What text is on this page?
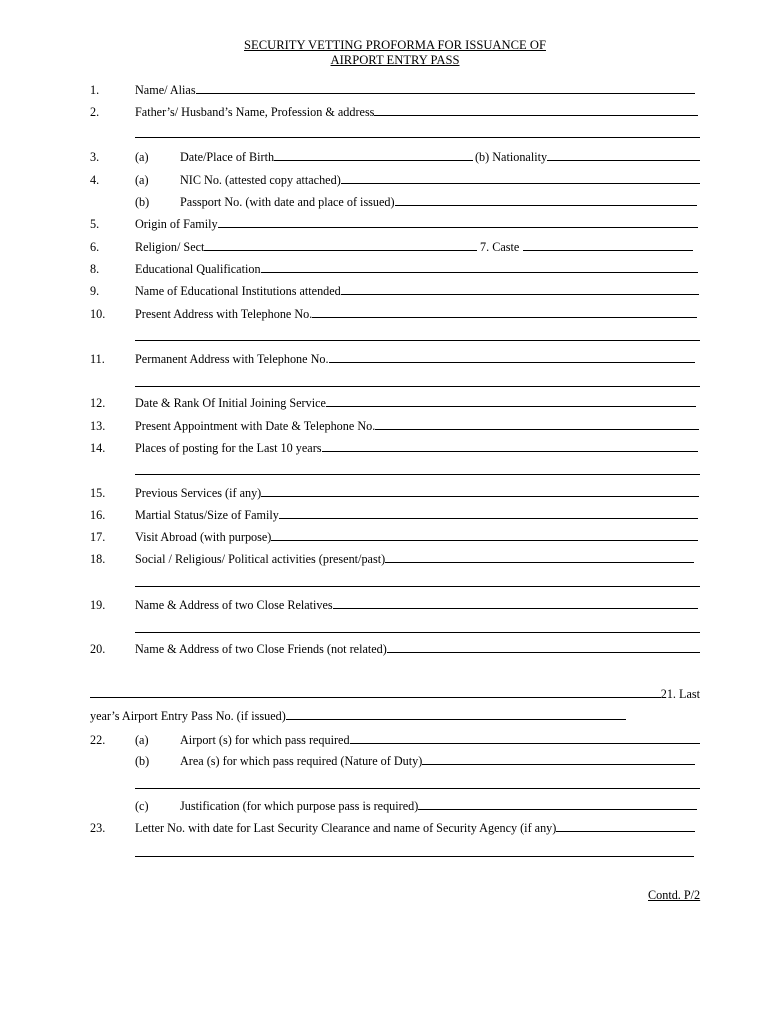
SECURITY VETTING PROFORMA FOR ISSUANCE OF
AIRPORT ENTRY PASS
1.	Name/ Alias
2.	Father’s/ Husband’s Name, Profession & address
3.	(a)	Date/Place of Birth	(b) Nationality
4.	(a)	NIC No. (attested copy attached)
(b)	Passport No. (with date and place of issued)
5.	Origin of Family
6.	Religion/ Sect	7. Caste
8.	Educational Qualification
9.	Name of Educational Institutions attended
10. Present Address with Telephone No.
11. Permanent Address with Telephone No.
12. Date & Rank Of Initial Joining Service
13. Present Appointment with Date & Telephone No.
14. Places of posting for the Last 10 years
15. Previous Services (if any)
16. Martial Status/Size of Family
17. Visit Abroad (with purpose)
18. Social / Religious/ Political activities (present/past)
19. Name & Address of two Close Relatives
20. Name & Address of two Close Friends (not related)
21. Last
year’s Airport Entry Pass No. (if issued)
22. (a)	Airport (s) for which pass required
(b)	Area (s) for which pass required (Nature of Duty)
(c)	Justification (for which purpose pass is required)
23. Letter No. with date for Last Security Clearance and name of Security Agency (if any)
Contd. P/2
